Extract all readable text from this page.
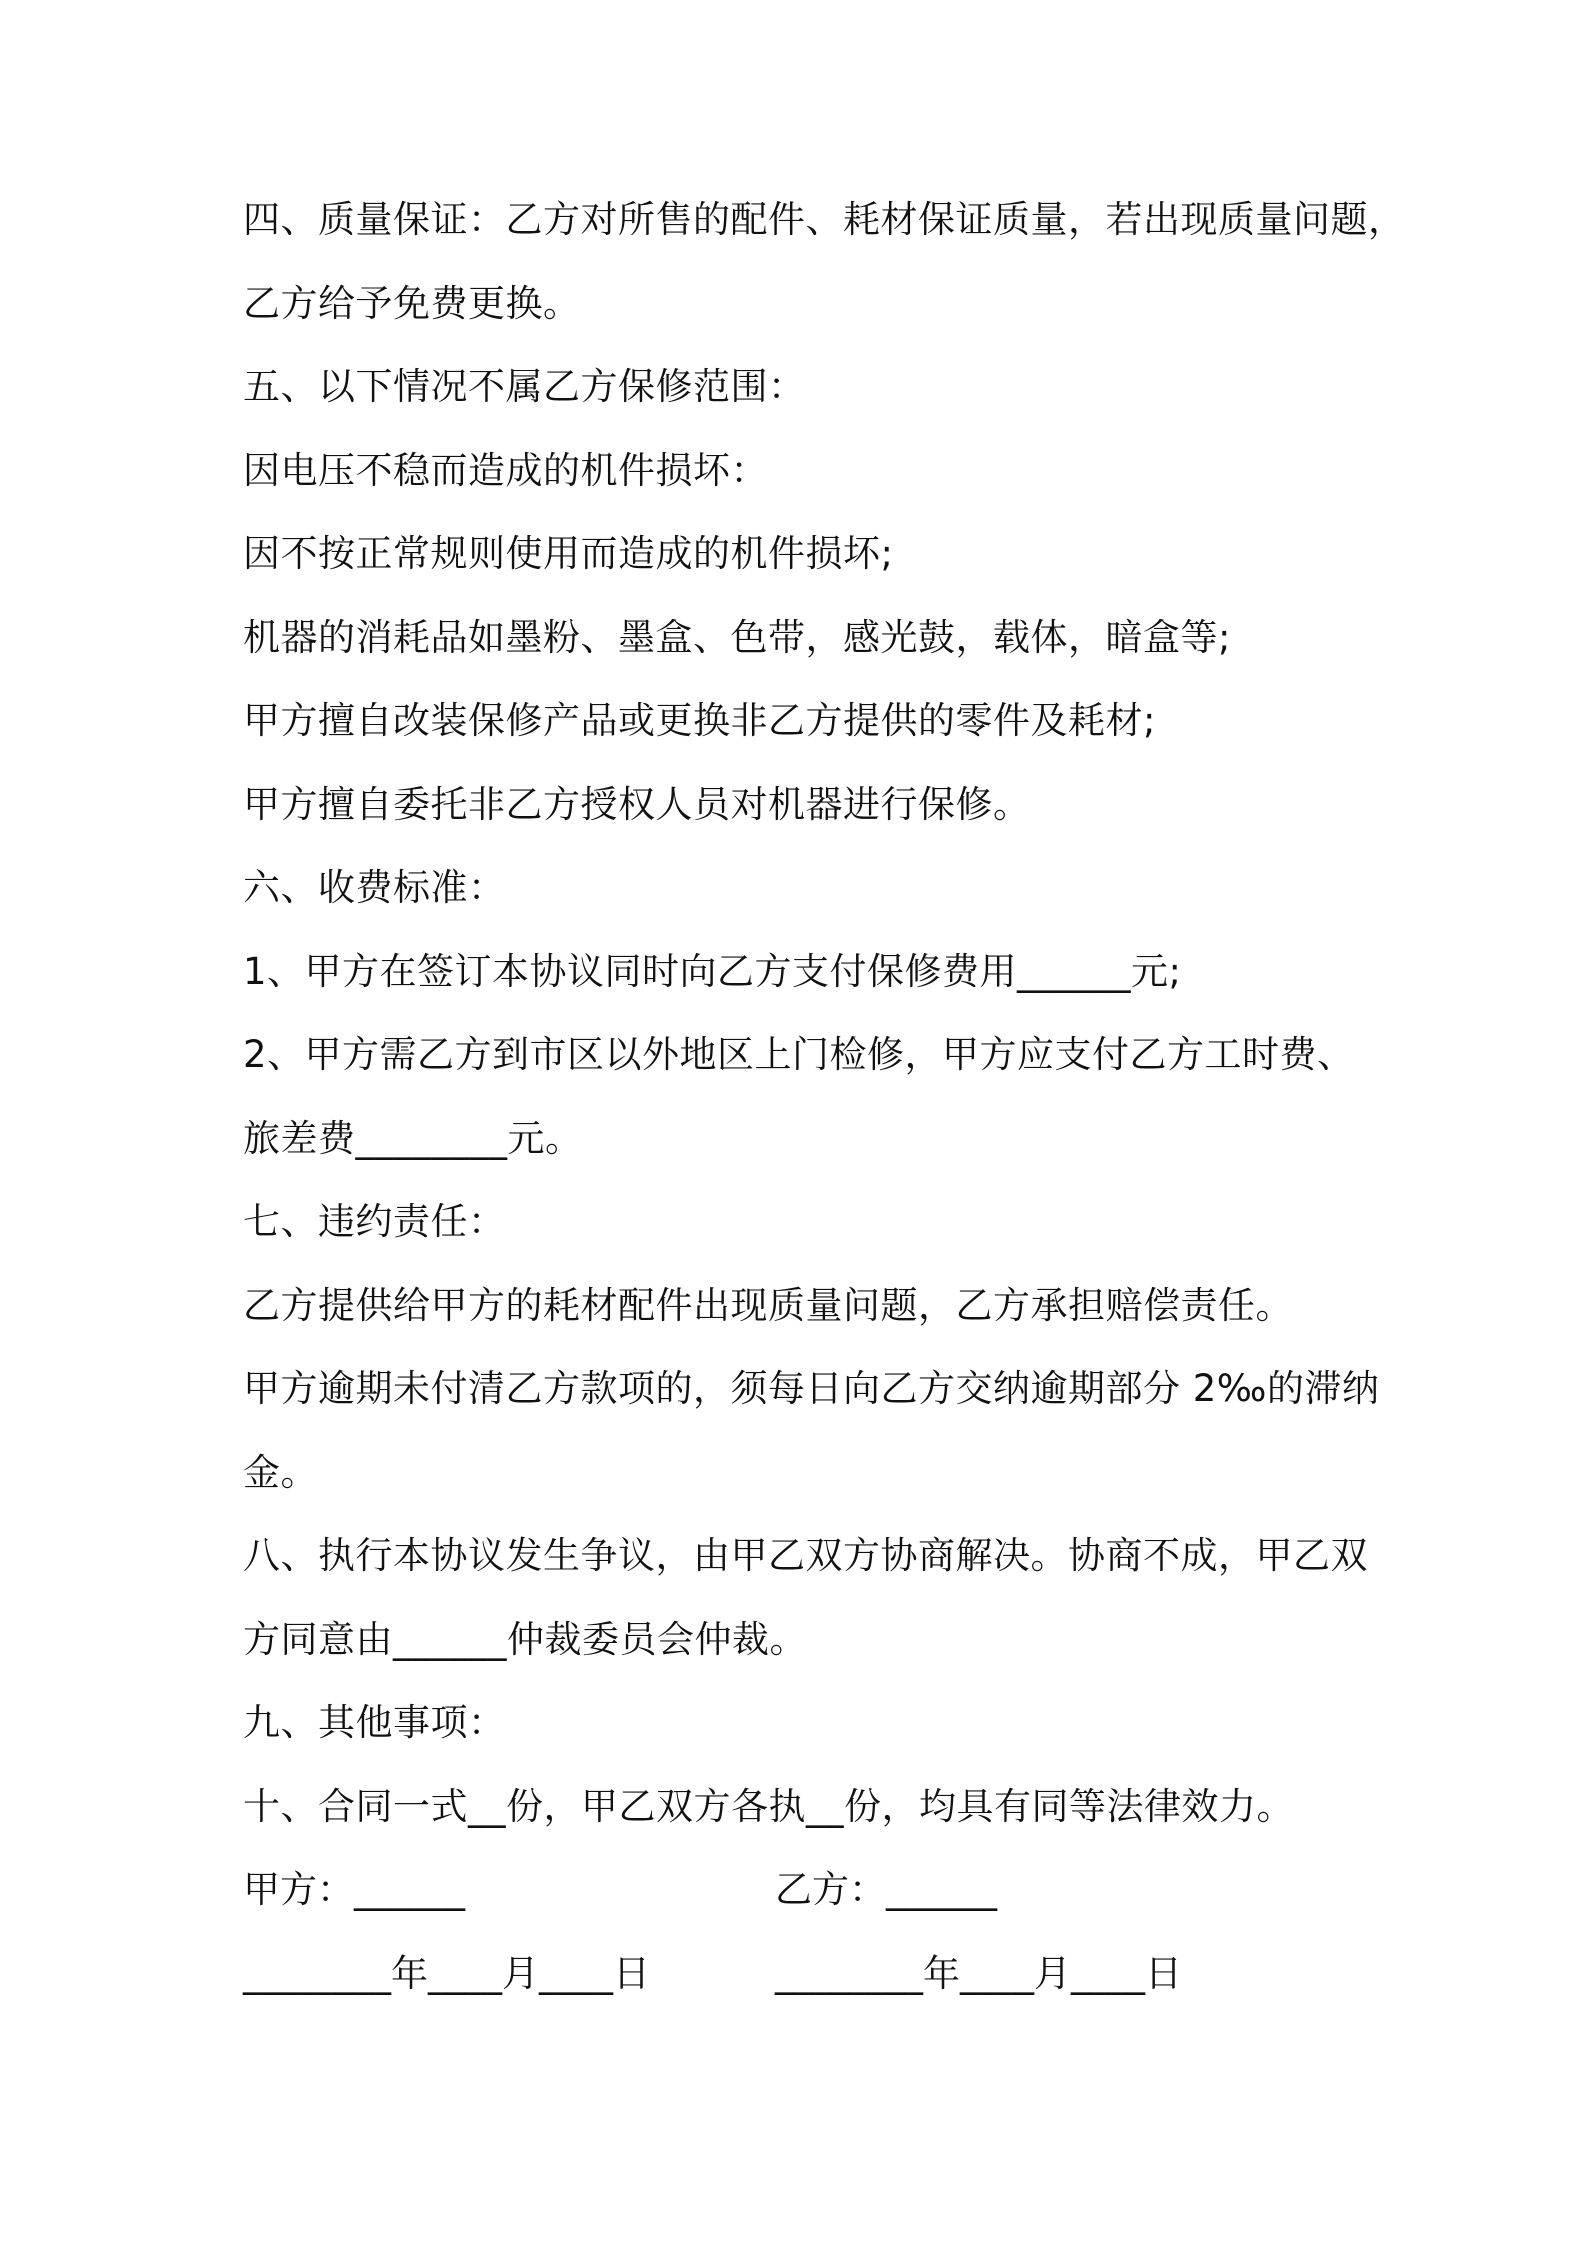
四、质量保证：乙方对所售的配件、耗材保证质量，若出现质量问题，
乙方给予免费更换。
五、以下情况不属乙方保修范围：
因电压不稳而造成的机件损坏：
因不按正常规则使用而造成的机件损坏;
机器的消耗品如墨粉、墨盒、色带，感光鼓，载体，暗盒等;
甲方擅自改装保修产品或更换非乙方提供的零件及耗材;
甲方擅自委托非乙方授权人员对机器进行保修。
六、收费标准：
1、甲方在签订本协议同时向乙方支付保修费用______元;
2、甲方需乙方到市区以外地区上门检修，甲方应支付乙方工时费、
旅差费________元。
七、违约责任：
乙方提供给甲方的耗材配件出现质量问题，乙方承担赔偿责任。
甲方逾期未付清乙方款项的，须每日向乙方交纳逾期部分 2‰的滞纳
金。
八、执行本协议发生争议，由甲乙双方协商解决。协商不成，甲乙双
方同意由______仲裁委员会仲裁。
九、其他事项：
十、合同一式__份，甲乙双方各执__份，均具有同等法律效力。
甲方：______	乙方：______
________年____月____日	________年____月____日
